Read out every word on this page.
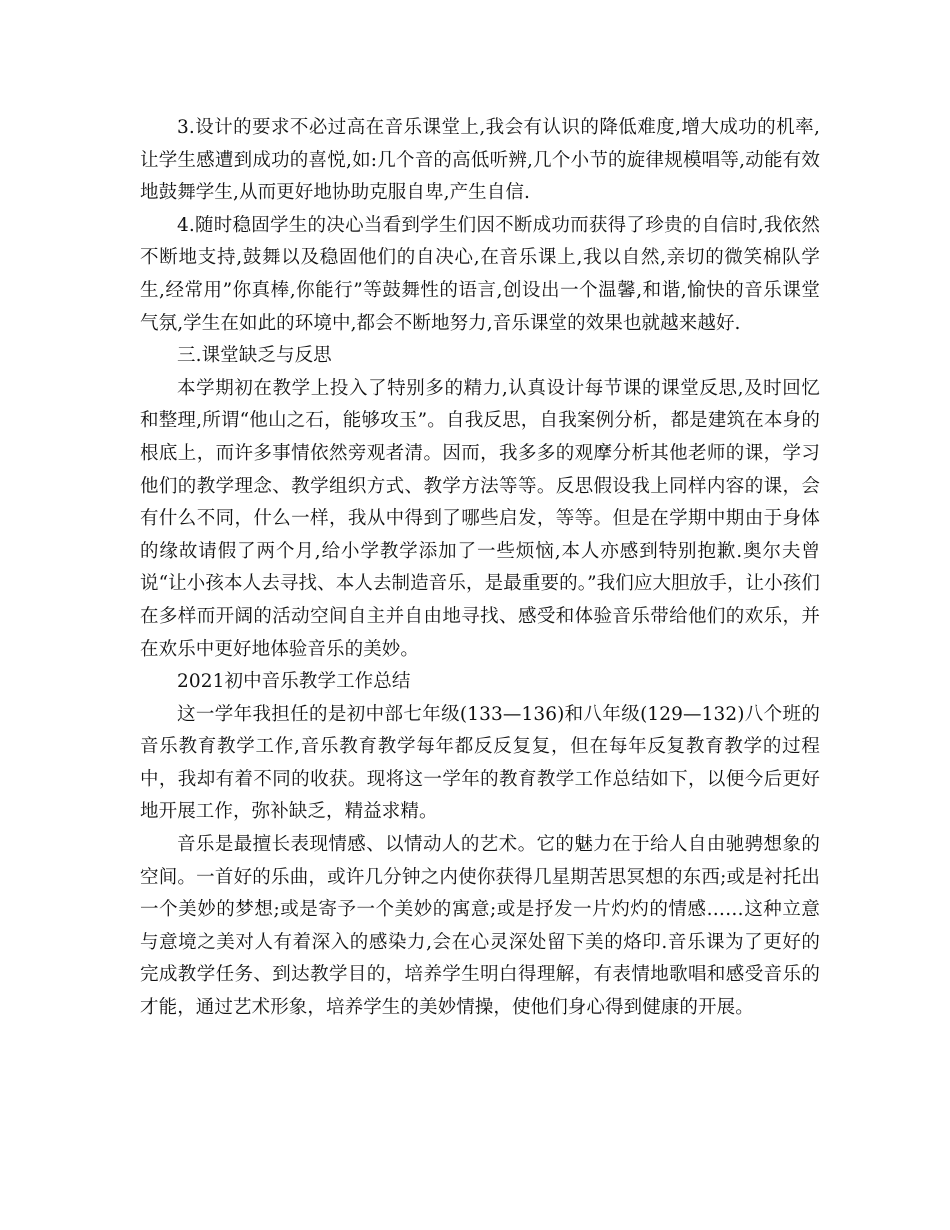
3.设计的要求不必过高在音乐课堂上,我会有认识的降低难度,增大成功的机率,让学生感遭到成功的喜悦,如:几个音的高低听辨,几个小节的旋律规模唱等,动能有效地鼓舞学生,从而更好地协助克服自卑,产生自信.

4.随时稳固学生的决心当看到学生们因不断成功而获得了珍贵的自信时,我依然不断地支持,鼓舞以及稳固他们的自决心,在音乐课上,我以自然,亲切的微笑棉队学生,经常用”你真棒,你能行”等鼓舞性的语言,创设出一个温馨,和谐,愉快的音乐课堂气氛,学生在如此的环境中,都会不断地努力,音乐课堂的效果也就越来越好.

三.课堂缺乏与反思

本学期初在教学上投入了特别多的精力,认真设计每节课的课堂反思,及时回忆和整理,所谓“他山之石，能够攻玉”。自我反思，自我案例分析，都是建筑在本身的根底上，而许多事情依然旁观者清。因而，我多多的观摩分析其他老师的课，学习他们的教学理念、教学组织方式、教学方法等等。反思假设我上同样内容的课，会有什么不同，什么一样，我从中得到了哪些启发，等等。但是在学期中期由于身体的缘故请假了两个月,给小学教学添加了一些烦恼,本人亦感到特别抱歉.奥尔夫曾说“让小孩本人去寻找、本人去制造音乐，是最重要的。”我们应大胆放手，让小孩们在多样而开阔的活动空间自主并自由地寻找、感受和体验音乐带给他们的欢乐，并在欢乐中更好地体验音乐的美妙。

2021初中音乐教学工作总结

这一学年我担任的是初中部七年级(133—136)和八年级(129—132)八个班的音乐教育教学工作,音乐教育教学每年都反反复复，但在每年反复教育教学的过程中，我却有着不同的收获。现将这一学年的教育教学工作总结如下，以便今后更好地开展工作，弥补缺乏，精益求精。

音乐是最擅长表现情感、以情动人的艺术。它的魅力在于给人自由驰骋想象的空间。一首好的乐曲，或许几分钟之内使你获得几星期苦思冥想的东西;或是衬托出一个美妙的梦想;或是寄予一个美妙的寓意;或是抒发一片灼灼的情感……这种立意与意境之美对人有着深入的感染力,会在心灵深处留下美的烙印.音乐课为了更好的完成教学任务、到达教学目的，培养学生明白得理解，有表情地歌唱和感受音乐的才能，通过艺术形象，培养学生的美妙情操，使他们身心得到健康的开展。
